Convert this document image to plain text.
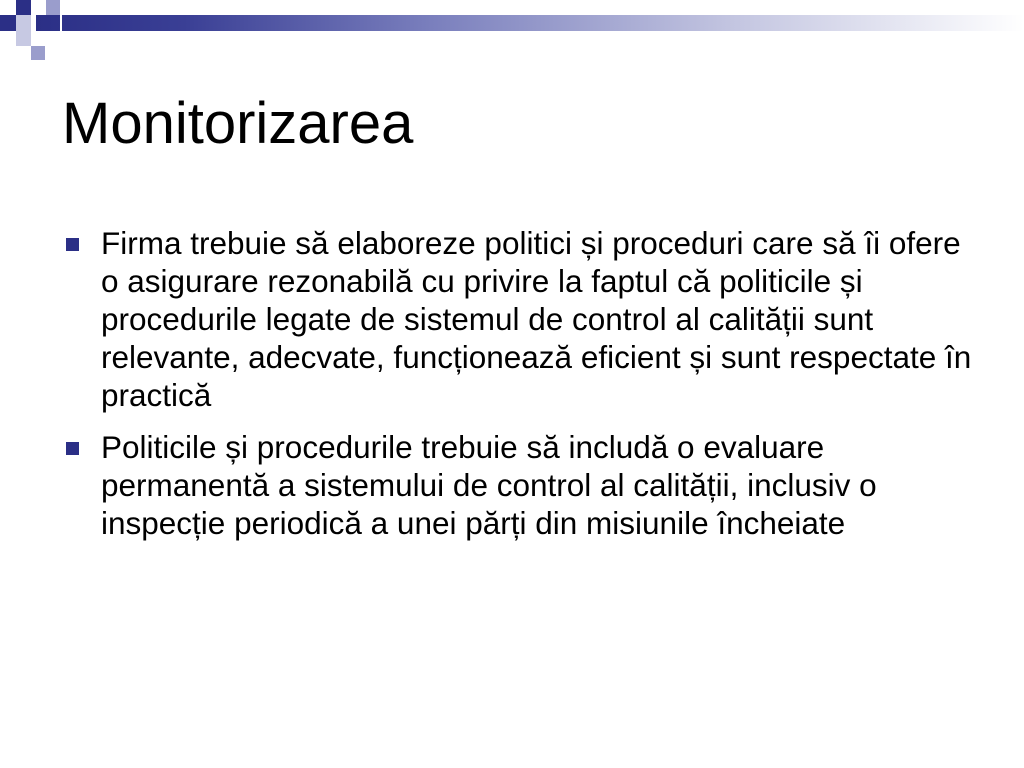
Monitorizarea
Firma trebuie să elaboreze politici și proceduri care să îi ofere o asigurare rezonabilă cu privire la faptul că politicile și procedurile legate de sistemul de control al calității sunt relevante, adecvate, funcționează eficient și sunt respectate în practică
Politicile și procedurile trebuie să includă o evaluare permanentă a sistemului de control al calității, inclusiv o inspecție periodică a unei părți din misiunile încheiate
